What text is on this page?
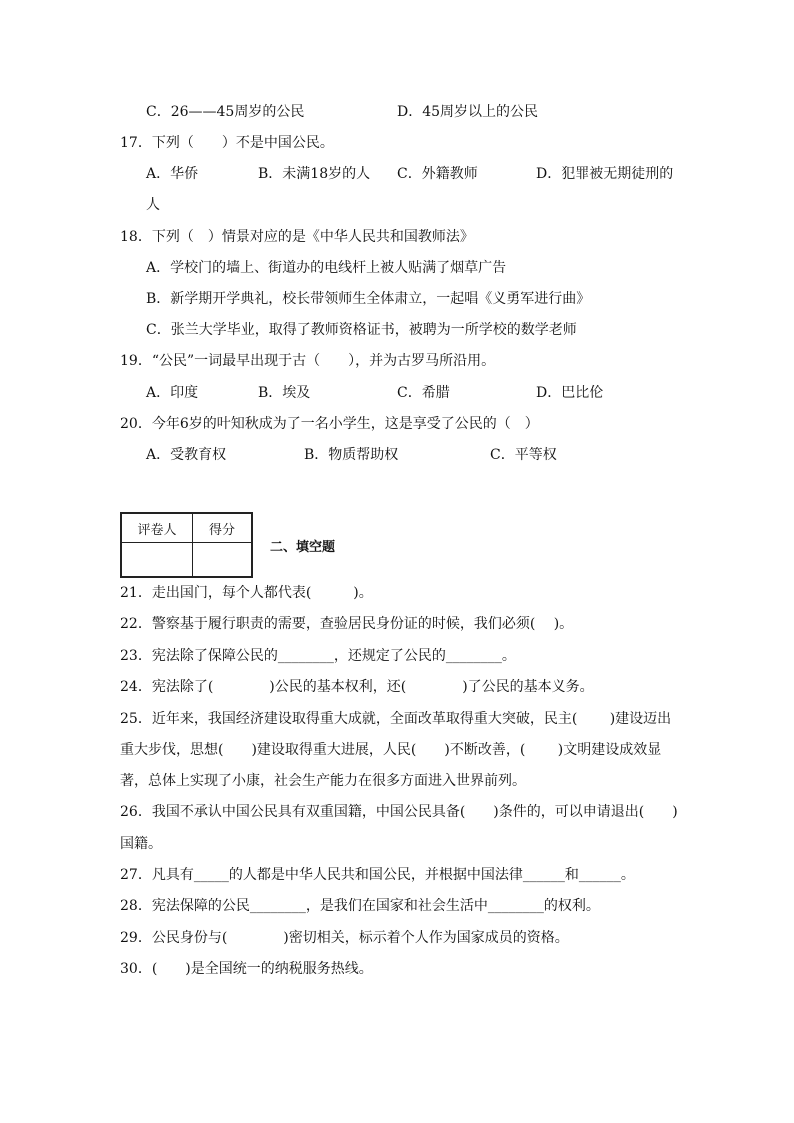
C．26——45周岁的公民	D．45周岁以上的公民
17．下列（　　）不是中国公民。
A．华侨	B．未满18岁的人 C．外籍教师	D．犯罪被无期徒刑的
人
18．下列（　）情景对应的是《中华人民共和国教师法》
A．学校门的墙上、街道办的电线杆上被人贴满了烟草广告
B．新学期开学典礼，校长带领师生全体肃立，一起唱《义勇军进行曲》
C．张兰大学毕业，取得了教师资格证书，被聘为一所学校的数学老师
19．“公民”一词最早出现于古（　　），并为古罗马所沿用。
A．印度	B．埃及	C．希腊	D．巴比伦
20．今年6岁的叶知秋成为了一名小学生，这是享受了公民的（　）
A．受教育权	B．物质帮助权	C．平等权
评卷人	得分

二、填空题
21．走出国门，每个人都代表(　　　)。
22．警察基于履行职责的需要，查验居民身份证的时候，我们必须(　 )。
23．宪法除了保障公民的________，还规定了公民的________。
24．宪法除了(　　　　)公民的基本权利，还(　　　　)了公民的基本义务。
25．近年来，我国经济建设取得重大成就，全面改革取得重大突破，民主(　　 )建设迈出
重大步伐，思想(　　)建设取得重大进展，人民(　　)不断改善，(　　 )文明建设成效显
著，总体上实现了小康，社会生产能力在很多方面进入世界前列。
26．我国不承认中国公民具有双重国籍，中国公民具备(　　)条件的，可以申请退出(　　)
国籍。
27．凡具有_____的人都是中华人民共和国公民，并根据中国法律______和______。
28．宪法保障的公民________，是我们在国家和社会生活中________的权利。
29．公民身份与(　　　　)密切相关，标示着个人作为国家成员的资格。
30．(　　)是全国统一的纳税服务热线。
